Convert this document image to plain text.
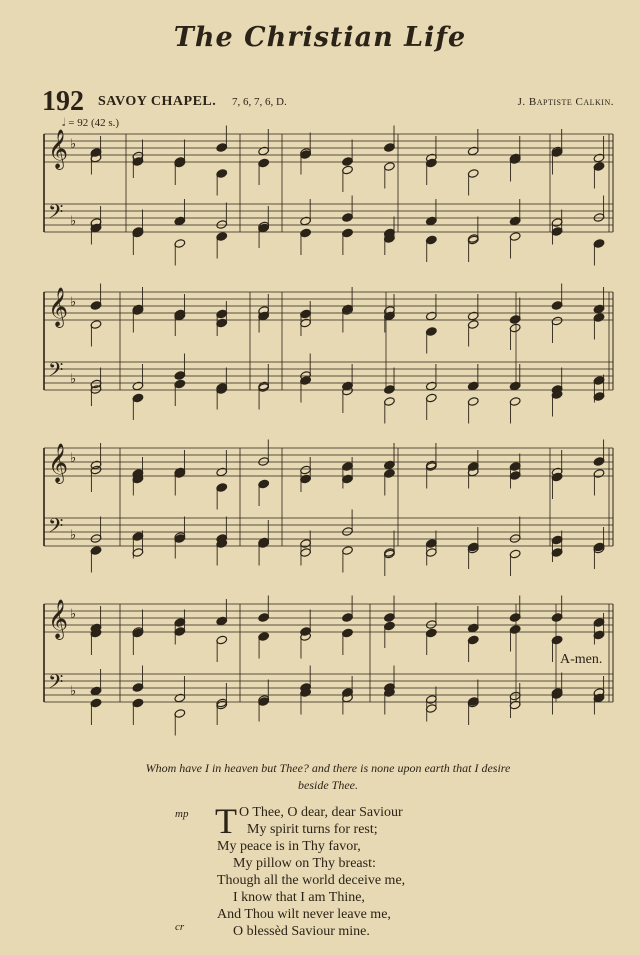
The Christian Life
192 SAVOY CHAPEL. 7, 6, 7, 6, D.	J. Baptiste Calkin.
𝅗𝅥 = 92 (42 s.)
𝄞 ♭
𝄢 ♭
𝄞 ♭
𝄢 ♭
𝄞 ♭
𝄢 ♭
𝄞 ♭
𝄢 ♭
A-men.
Whom have I in heaven but Thee? and there is none upon earth that I desire
beside Thee.
mp
cr
T O Thee, O dear, dear Saviour
My spirit turns for rest;
My peace is in Thy favor,
My pillow on Thy breast:
Though all the world deceive me,
I know that I am Thine,
And Thou wilt never leave me,
O blessèd Saviour mine.
